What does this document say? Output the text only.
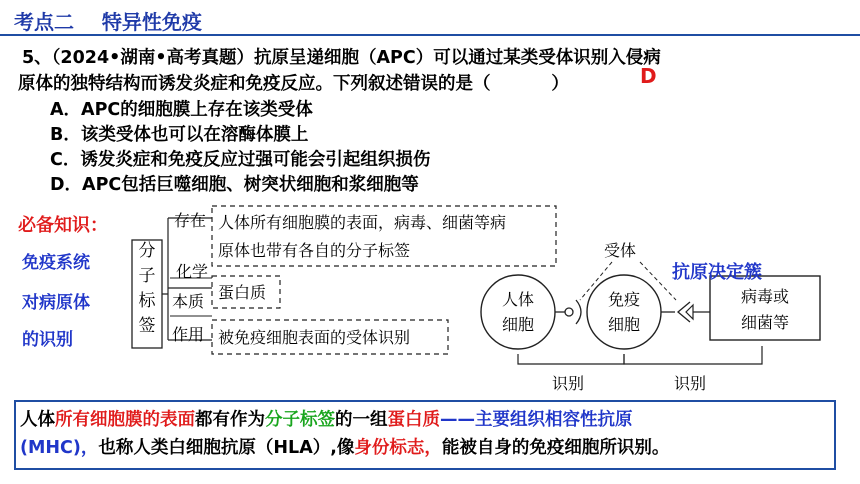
考点二    特异性免疫
5、（2024•湖南•高考真题）抗原呈递细胞（APC）可以通过某类受体识别入侵病
原体的独特结构而诱发炎症和免疫反应。下列叙述错误的是（          ）	D
A．APC的细胞膜上存在该类受体
B．该类受体也可以在溶酶体膜上
C．诱发炎症和免疫反应过强可能会引起组织损伤
D．APC包括巨噬细胞、树突状细胞和浆细胞等
必备知识：
免疫系统
对病原体
的识别
分
子
标
签
存在
化学
本质
作用
人体所有细胞膜的表面，病毒、细菌等病
原体也带有各自的分子标签
蛋白质
被免疫细胞表面的受体识别
受体
人体
细胞
免疫
细胞
病毒或
细菌等
识别	识别
抗原决定簇
人体所有细胞膜的表面都有作为分子标签的一组蛋白质——主要组织相容性抗原
(MHC)，也称人类白细胞抗原（HLA）,像身份标志，能被自身的免疫细胞所识别。
